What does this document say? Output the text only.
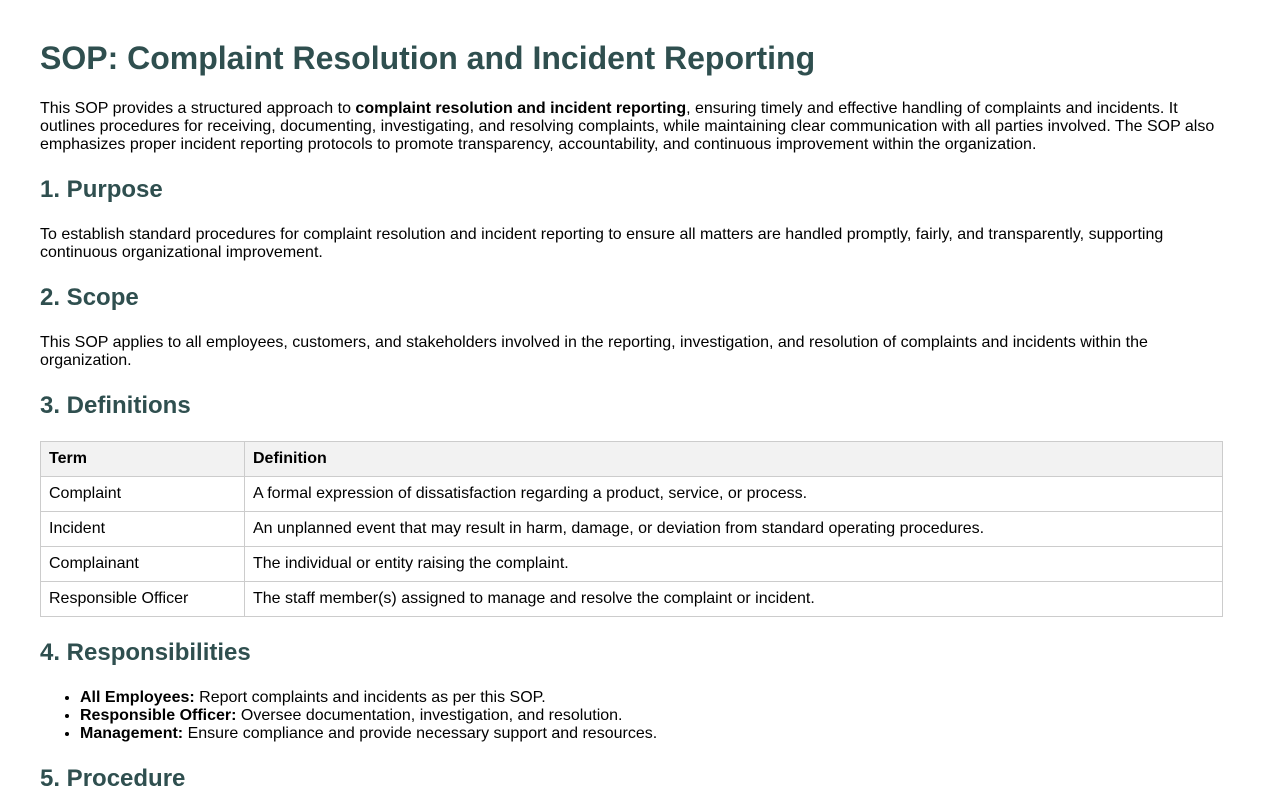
SOP: Complaint Resolution and Incident Reporting

This SOP provides a structured approach to complaint resolution and incident reporting, ensuring timely and effective handling of complaints and incidents. It outlines procedures for receiving, documenting, investigating, and resolving complaints, while maintaining clear communication with all parties involved. The SOP also emphasizes proper incident reporting protocols to promote transparency, accountability, and continuous improvement within the organization.

1. Purpose

To establish standard procedures for complaint resolution and incident reporting to ensure all matters are handled promptly, fairly, and transparently, supporting continuous organizational improvement.

2. Scope

This SOP applies to all employees, customers, and stakeholders involved in the reporting, investigation, and resolution of complaints and incidents within the organization.

3. Definitions
Term	Definition
Complaint	A formal expression of dissatisfaction regarding a product, service, or process.
Incident	An unplanned event that may result in harm, damage, or deviation from standard operating procedures.
Complainant	The individual or entity raising the complaint.
Responsible Officer	The staff member(s) assigned to manage and resolve the complaint or incident.
4. Responsibilities
• All Employees: Report complaints and incidents as per this SOP.
• Responsible Officer: Oversee documentation, investigation, and resolution.
• Management: Ensure compliance and provide necessary support and resources.
5. Procedure
